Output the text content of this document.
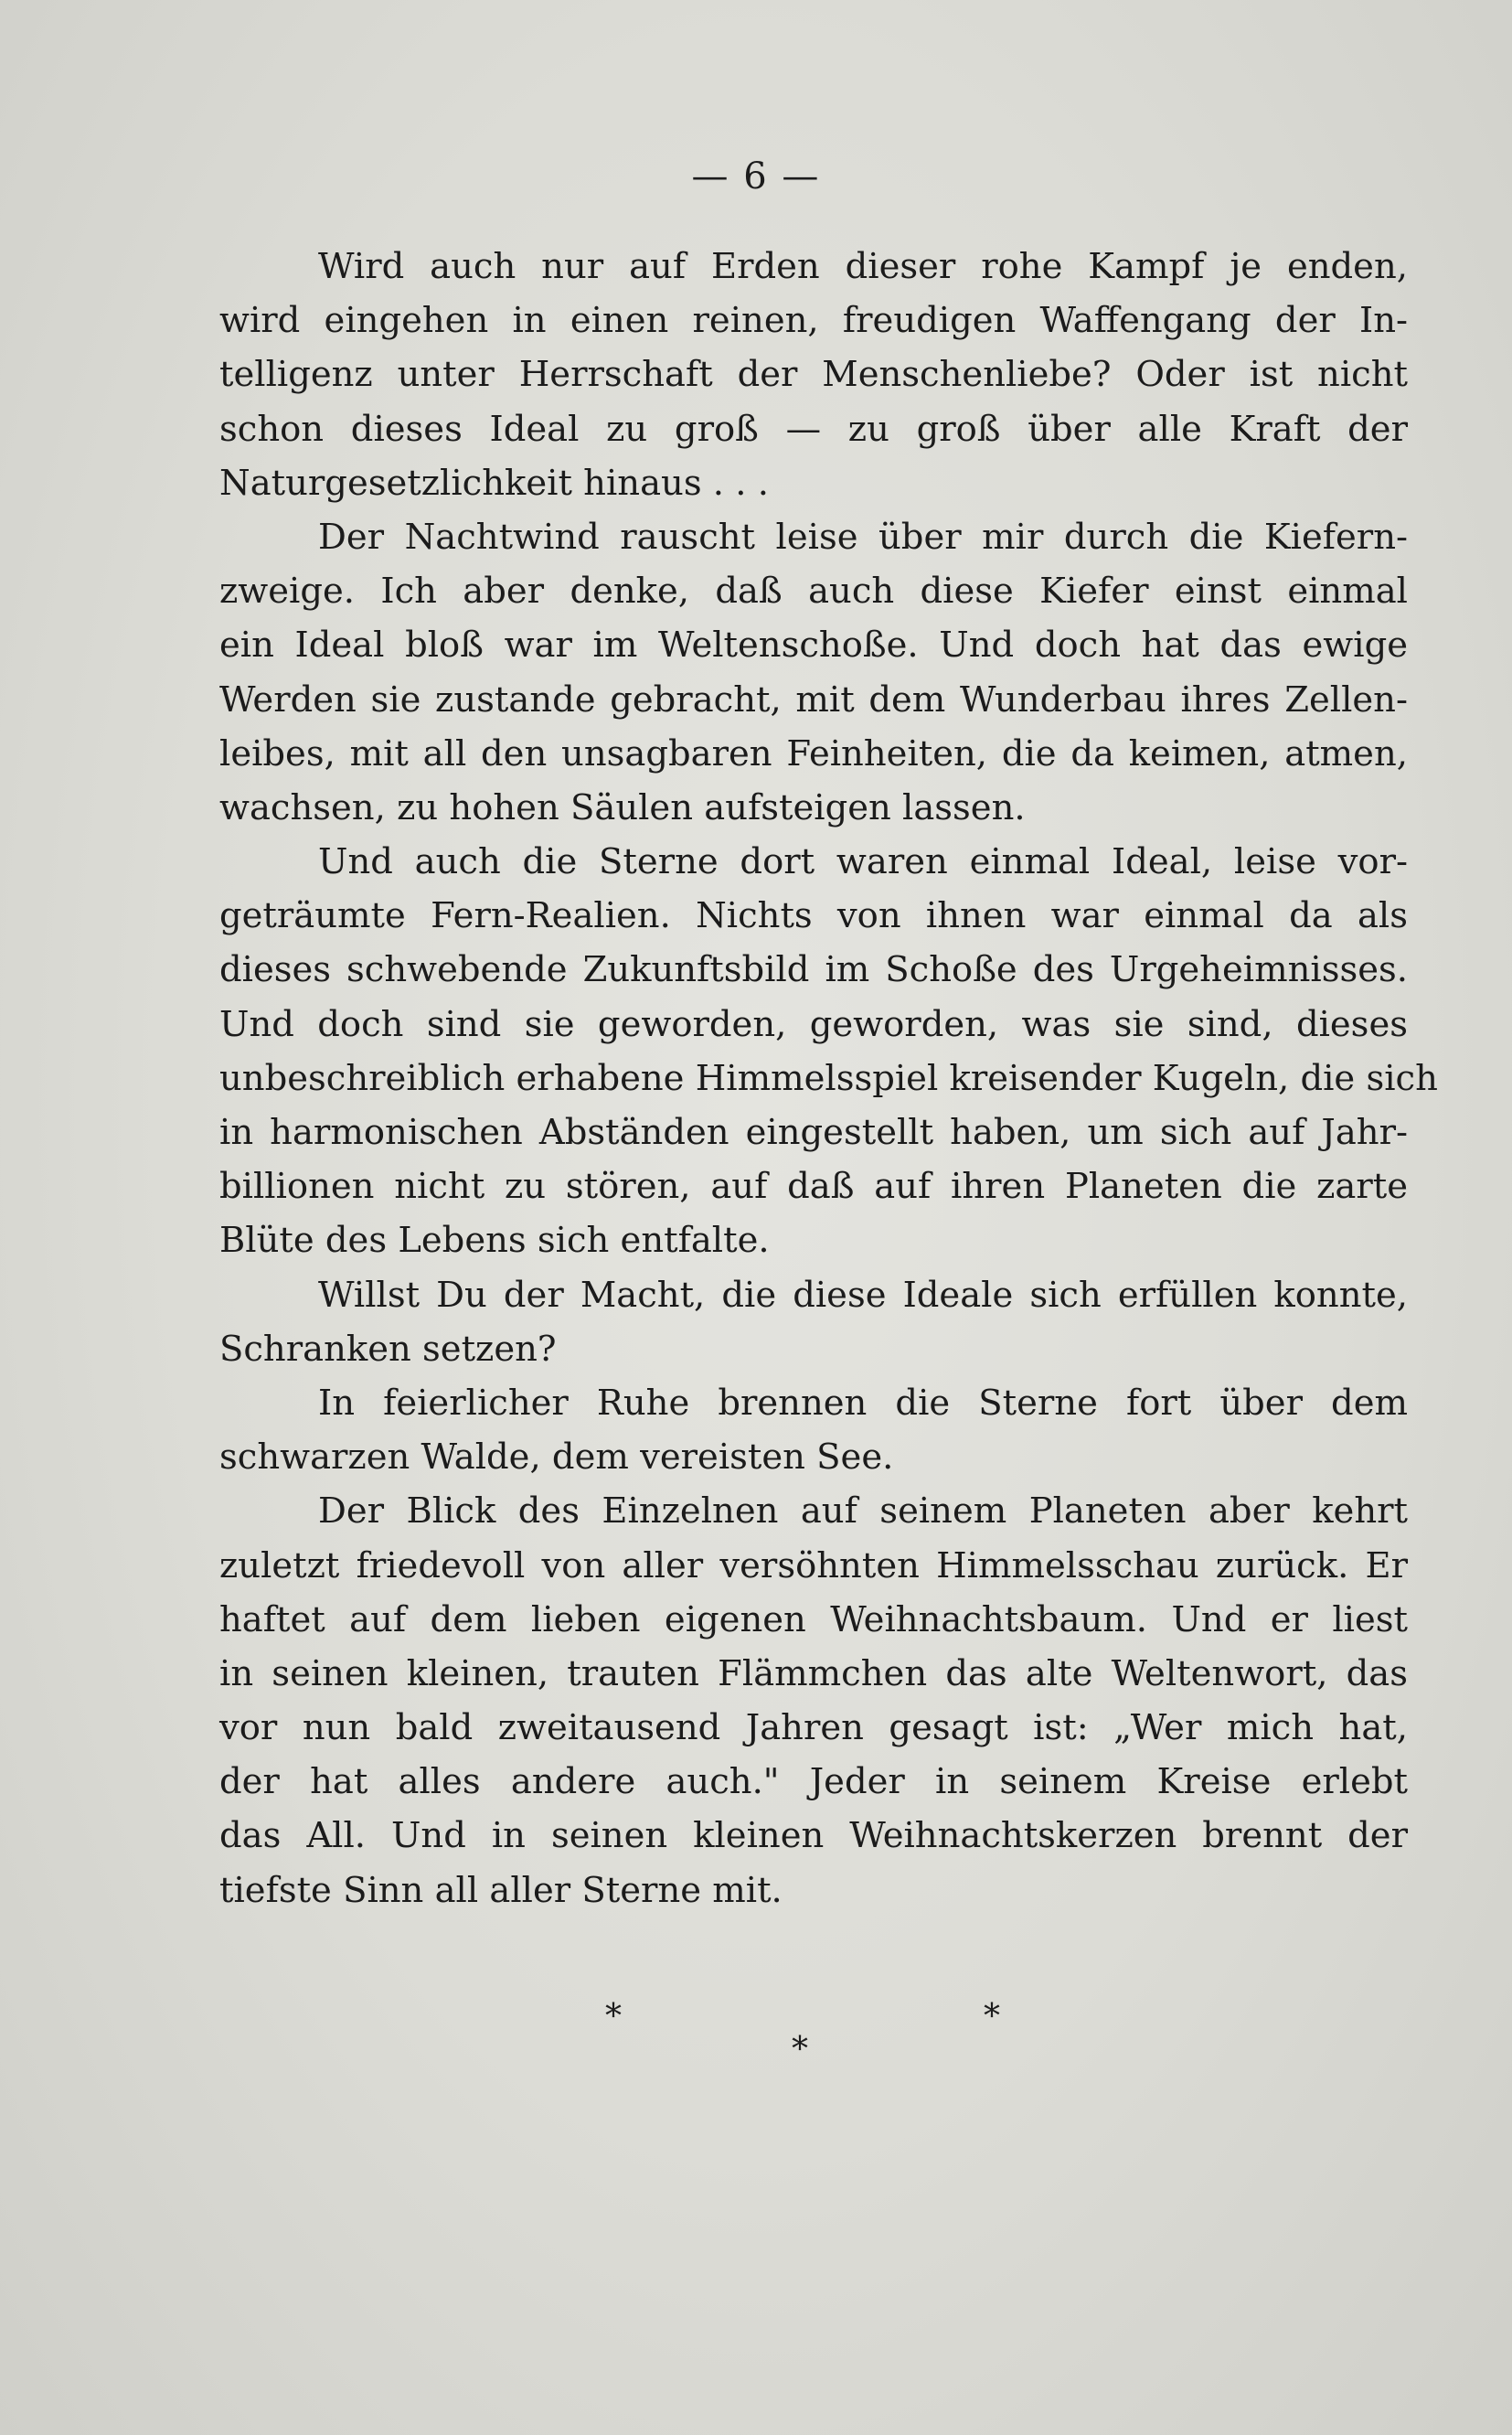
— 6 —
Wird auch nur auf Erden dieser rohe Kampf je enden,
wird eingehen in einen reinen, freudigen Waffengang der In-
telligenz unter Herrschaft der Menschenliebe? Oder ist nicht
schon dieses Ideal zu groß — zu groß über alle Kraft der
Naturgesetzlichkeit hinaus . . .
Der Nachtwind rauscht leise über mir durch die Kiefern-
zweige. Ich aber denke, daß auch diese Kiefer einst einmal
ein Ideal bloß war im Weltenschoße. Und doch hat das ewige
Werden sie zustande gebracht, mit dem Wunderbau ihres Zellen-
leibes, mit all den unsagbaren Feinheiten, die da keimen, atmen,
wachsen, zu hohen Säulen aufsteigen lassen.
Und auch die Sterne dort waren einmal Ideal, leise vor-
geträumte Fern-Realien. Nichts von ihnen war einmal da als
dieses schwebende Zukunftsbild im Schoße des Urgeheimnisses.
Und doch sind sie geworden, geworden, was sie sind, dieses
unbeschreiblich erhabene Himmelsspiel kreisender Kugeln, die sich
in harmonischen Abständen eingestellt haben, um sich auf Jahr-
billionen nicht zu stören, auf daß auf ihren Planeten die zarte
Blüte des Lebens sich entfalte.
Willst Du der Macht, die diese Ideale sich erfüllen konnte,
Schranken setzen?
In feierlicher Ruhe brennen die Sterne fort über dem
schwarzen Walde, dem vereisten See.
Der Blick des Einzelnen auf seinem Planeten aber kehrt
zuletzt friedevoll von aller versöhnten Himmelsschau zurück. Er
haftet auf dem lieben eigenen Weihnachtsbaum. Und er liest
in seinen kleinen, trauten Flämmchen das alte Weltenwort, das
vor nun bald zweitausend Jahren gesagt ist: „Wer mich hat,
der hat alles andere auch." Jeder in seinem Kreise erlebt
das All. Und in seinen kleinen Weihnachtskerzen brennt der
tiefste Sinn all aller Sterne mit.
*
*
*
